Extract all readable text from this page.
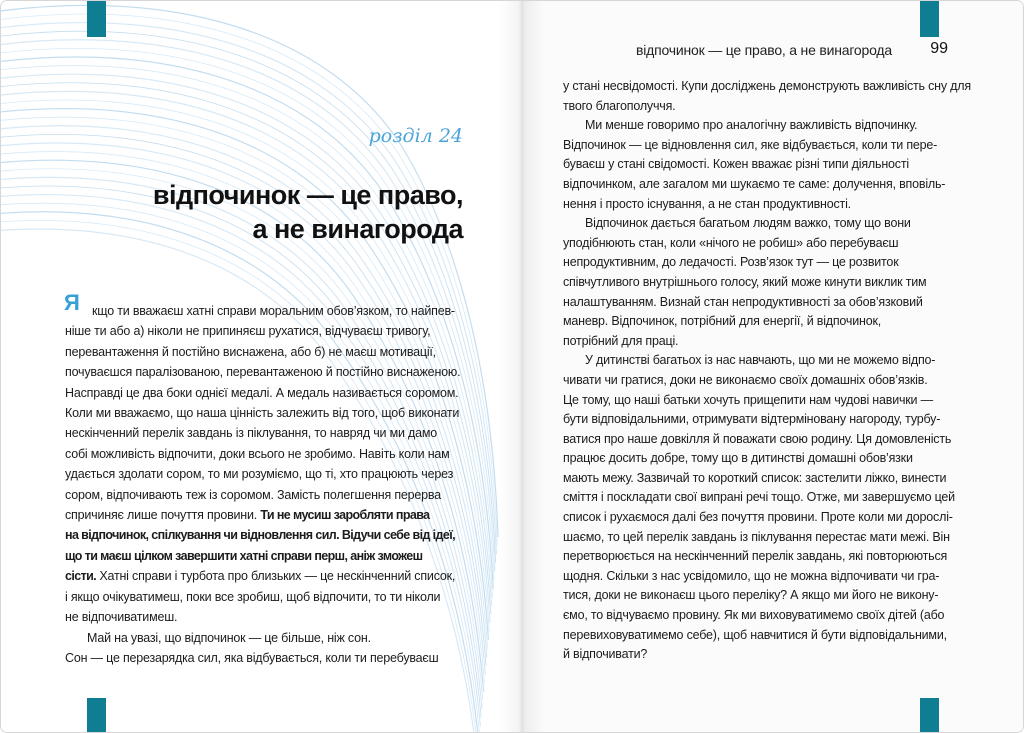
розділ 24
відпочинок — це право,
а не винагорода
Я кщо ти вважаєш хатні справи моральним обов’язком, то найпев-
ніше ти або а) ніколи не припиняєш рухатися, відчуваєш тривогу,
перевантаження й постійно виснажена, або б) не маєш мотивації,
почуваєшся паралізованою, перевантаженою й постійно виснаженою.
Насправді це два боки однієї медалі. А медаль називається соромом.
Коли ми вважаємо, що наша цінність залежить від того, щоб виконати
нескінченний перелік завдань із піклування, то навряд чи ми дамо
собі можливість відпочити, доки всього не зробимо. Навіть коли нам
удається здолати сором, то ми розуміємо, що ті, хто працюють через
сором, відпочивають теж із соромом. Замість полегшення перерва
спричиняє лише почуття провини. Ти не мусиш заробляти права
на відпочинок, спілкування чи відновлення сил. Відучи себе від ідеї,
що ти маєш цілком завершити хатні справи перш, аніж зможеш
сісти. Хатні справи і турбота про близьких — це нескінченний список,
і якщо очікуватимеш, поки все зробиш, щоб відпочити, то ти ніколи
не відпочиватимеш.
Май на увазі, що відпочинок — це більше, ніж сон.
Сон — це перезарядка сил, яка відбувається, коли ти перебуваєш
відпочинок — це право, а не винагорода	99
у стані несвідомості. Купи досліджень демонструють важливість сну для
твого благополуччя.
Ми менше говоримо про аналогічну важливість відпочинку.
Відпочинок — це відновлення сил, яке відбувається, коли ти пере-
буваєш у стані свідомості. Кожен вважає різні типи діяльності
відпочинком, але загалом ми шукаємо те саме: долучення, вповіль-
нення і просто існування, а не стан продуктивності.
Відпочинок дається багатьом людям важко, тому що вони
уподібнюють стан, коли «нічого не робиш» або перебуваєш
непродуктивним, до ледачості. Розв’язок тут — це розвиток
співчутливого внутрішнього голосу, який може кинути виклик тим
налаштуванням. Визнай стан непродуктивності за обов’язковий
маневр. Відпочинок, потрібний для енергії, й відпочинок,
потрібний для праці.
У дитинстві багатьох із нас навчають, що ми не можемо відпо-
чивати чи гратися, доки не виконаємо своїх домашніх обов’язків.
Це тому, що наші батьки хочуть прищепити нам чудові навички —
бути відповідальними, отримувати відтерміновану нагороду, турбу-
ватися про наше довкілля й поважати свою родину. Ця домовленість
працює досить добре, тому що в дитинстві домашні обов’язки
мають межу. Зазвичай то короткий список: застелити ліжко, винести
сміття і поскладати свої випрані речі тощо. Отже, ми завершуємо цей
список і рухаємося далі без почуття провини. Проте коли ми дорослі-
шаємо, то цей перелік завдань із піклування перестає мати межі. Він
перетворюється на нескінченний перелік завдань, які повторюються
щодня. Скільки з нас усвідомило, що не можна відпочивати чи гра-
тися, доки не виконаєш цього переліку? А якщо ми його не викону-
ємо, то відчуваємо провину. Як ми виховуватимемо своїх дітей (або
перевиховуватимемо себе), щоб навчитися й бути відповідальними,
й відпочивати?
